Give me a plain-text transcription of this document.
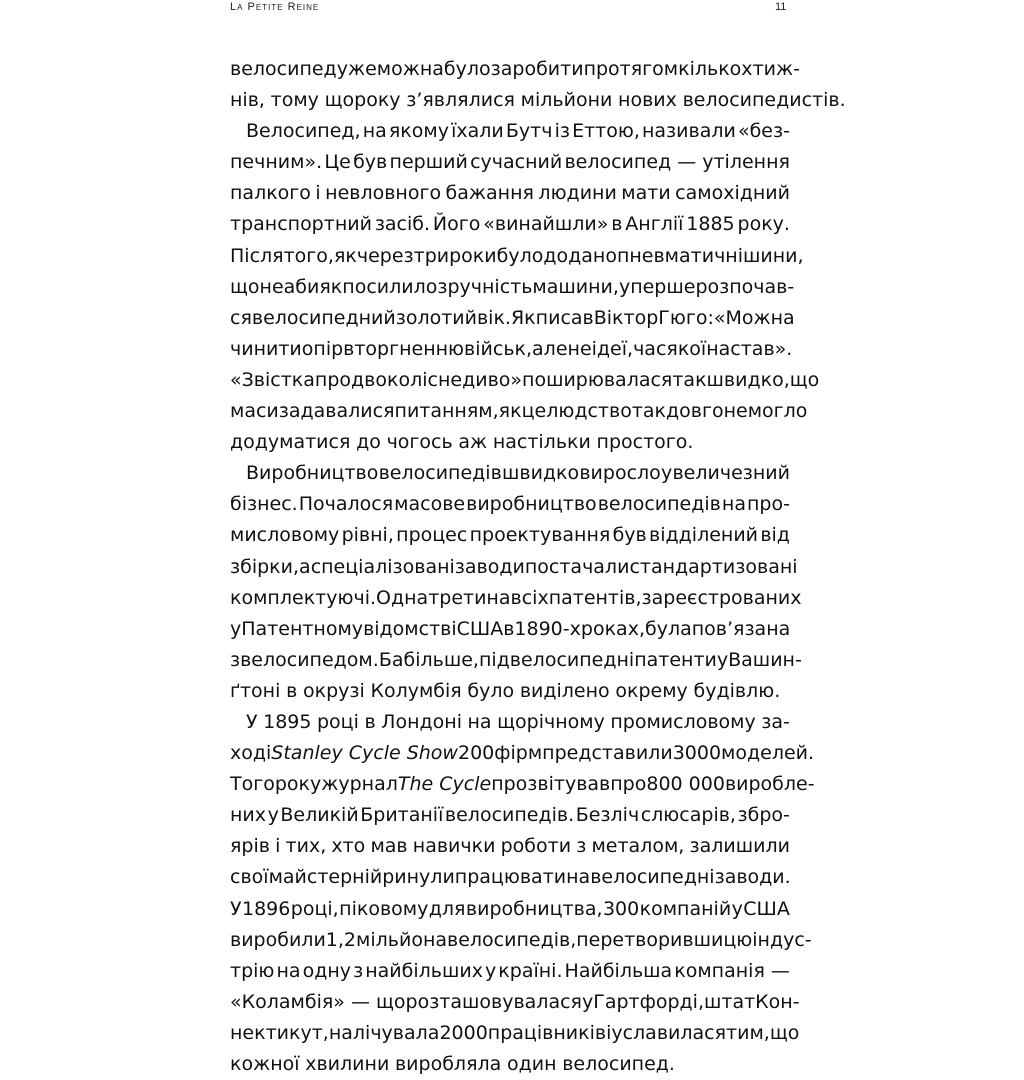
La Petite Reine	11
велосипед уже можна було заробити протягом кількох тиж-
нів, тому щороку з’являлися мільйони нових велосипедистів.
Велосипед, на якому їхали Бутч із Еттою, називали «без-
печним». Це був перший сучасний велосипед — утілення
палкого і невловного бажання людини мати самохідний
транспортний засіб. Його «винайшли» в Англії 1885 року.
Після того, як через три роки було додано пневматичні шини,
що неабияк посилило зручність машини, уперше розпочав-
ся велосипедний золотий вік. Як писав Віктор Гюго: «Можна
чинити опір вторгненню військ, але не ідеї, час якої настав».
«Звістка про двоколісне диво» поширювалася так швидко, що
маси задавалися питанням, як це людство так довго не могло
додуматися до чогось аж настільки простого.
Виробництво велосипедів швидко виросло у величезний
бізнес. Почалося масове виробництво велосипедів на про-
мисловому рівні, процес проектування був відділений від
збірки, а спеціалізовані заводи постачали стандартизовані
комплектуючі. Одна третина всіх патентів, зареєстрованих
у Патентному відомстві США в 1890-х роках, була пов’язана
з велосипедом. Ба більше, під велосипедні патенти у Вашин-
ґтоні в окрузі Колумбія було виділено окрему будівлю.
У 1895 році в Лондоні на щорічному промисловому за-
ході Stanley Cycle Show 200 фірм представили 3000 моделей.
Того року журнал The Cycle прозвітував про 800 000 виробле-
них у Великій Британії велосипедів. Безліч слюсарів, збро-
ярів і тих, хто мав навички роботи з металом, залишили
свої майстерні й ринули працювати на велосипедні заводи.
У 1896 році, піковому для виробництва, 300 компаній у США
виробили 1,2 мільйона велосипедів, перетворивши цю індус-
трію на одну з найбільших у країні. Найбільша компанія —
«Коламбія» — що розташовувалася у Гартфорді, штат Кон-
нектикут, налічувала 2000 працівників і уславилася тим, що
кожної хвилини виробляла один велосипед.
